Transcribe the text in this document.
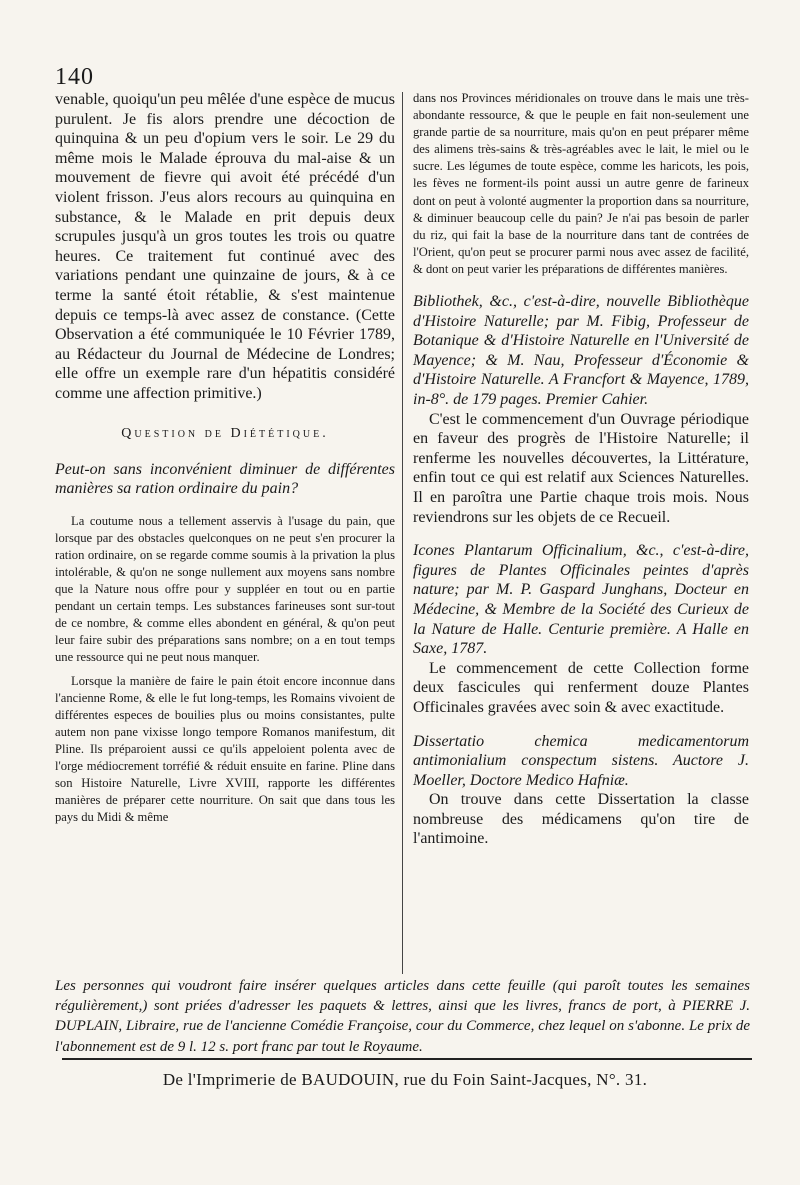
140

venable, quoiqu'un peu mêlée d'une espèce de mucus purulent. Je fis alors prendre une décoction de quinquina & un peu d'opium vers le soir. Le 29 du même mois le Malade éprouva du mal-aise & un mouvement de fievre qui avoit été précédé d'un violent frisson. J'eus alors recours au quinquina en substance, & le Malade en prit depuis deux scrupules jusqu'à un gros toutes les trois ou quatre heures. Ce traitement fut continué avec des variations pendant une quinzaine de jours, & à ce terme la santé étoit rétablie, & s'est maintenue depuis ce temps-là avec assez de constance. (Cette Observation a été communiquée le 10 Février 1789, au Rédacteur du Journal de Médecine de Londres; elle offre un exemple rare d'un hépatitis considéré comme une affection primitive.)

Question de Diététique.

Peut-on sans inconvénient diminuer de différentes manières sa ration ordinaire du pain?

La coutume nous a tellement asservis à l'usage du pain, que lorsque par des obstacles quelconques on ne peut s'en procurer la ration ordinaire, on se regarde comme soumis à la privation la plus intolérable, & qu'on ne songe nullement aux moyens sans nombre que la Nature nous offre pour y suppléer en tout ou en partie pendant un certain temps. Les substances farineuses sont sur-tout de ce nombre, & comme elles abondent en général, & qu'on peut leur faire subir des préparations sans nombre; on a en tout temps une ressource qui ne peut nous manquer.

Lorsque la manière de faire le pain étoit encore inconnue dans l'ancienne Rome, & elle le fut long-temps, les Romains vivoient de différentes especes de bouilies plus ou moins consistantes, pulte autem non pane vixisse longo tempore Romanos manifestum, dit Pline. Ils préparoient aussi ce qu'ils appeloient polenta avec de l'orge médiocrement torréfié & réduit ensuite en farine. Pline dans son Histoire Naturelle, Livre XVIII, rapporte les différentes manières de préparer cette nourriture. On sait que dans tous les pays du Midi & même

dans nos Provinces méridionales on trouve dans le mais une très-abondante ressource, & que le peuple en fait non-seulement une grande partie de sa nourriture, mais qu'on en peut préparer même des alimens très-sains & très-agréables avec le lait, le miel ou le sucre. Les légumes de toute espèce, comme les haricots, les pois, les fèves ne forment-ils point aussi un autre genre de farineux dont on peut à volonté augmenter la proportion dans sa nourriture, & diminuer beaucoup celle du pain? Je n'ai pas besoin de parler du riz, qui fait la base de la nourriture dans tant de contrées de l'Orient, qu'on peut se procurer parmi nous avec assez de facilité, & dont on peut varier les préparations de différentes manières.

Bibliothek, &c., c'est-à-dire, nouvelle Bibliothèque d'Histoire Naturelle; par M. Fibig, Professeur de Botanique & d'Histoire Naturelle en l'Université de Mayence; & M. Nau, Professeur d'Économie & d'Histoire Naturelle. A Francfort & Mayence, 1789, in-8°. de 179 pages. Premier Cahier.

C'est le commencement d'un Ouvrage périodique en faveur des progrès de l'Histoire Naturelle; il renferme les nouvelles découvertes, la Littérature, enfin tout ce qui est relatif aux Sciences Naturelles. Il en paroîtra une Partie chaque trois mois. Nous reviendrons sur les objets de ce Recueil.

Icones Plantarum Officinalium, &c., c'est-à-dire, figures de Plantes Officinales peintes d'après nature; par M. P. Gaspard Junghans, Docteur en Médecine, & Membre de la Société des Curieux de la Nature de Halle. Centurie première. A Halle en Saxe, 1787.

Le commencement de cette Collection forme deux fascicules qui renferment douze Plantes Officinales gravées avec soin & avec exactitude.

Dissertatio chemica medicamentorum antimonialium conspectum sistens. Auctore J. Moeller, Doctore Medico Hafniæ.

On trouve dans cette Dissertation la classe nombreuse des médicamens qu'on tire de l'antimoine.

Les personnes qui voudront faire insérer quelques articles dans cette feuille (qui paroît toutes les semaines régulièrement,) sont priées d'adresser les paquets & lettres, ainsi que les livres, francs de port, à PIERRE J. DUPLAIN, Libraire, rue de l'ancienne Comédie Françoise, cour du Commerce, chez lequel on s'abonne. Le prix de l'abonnement est de 9 l. 12 s. port franc par tout le Royaume.
De l'Imprimerie de BAUDOUIN, rue du Foin Saint-Jacques, N°. 31.
